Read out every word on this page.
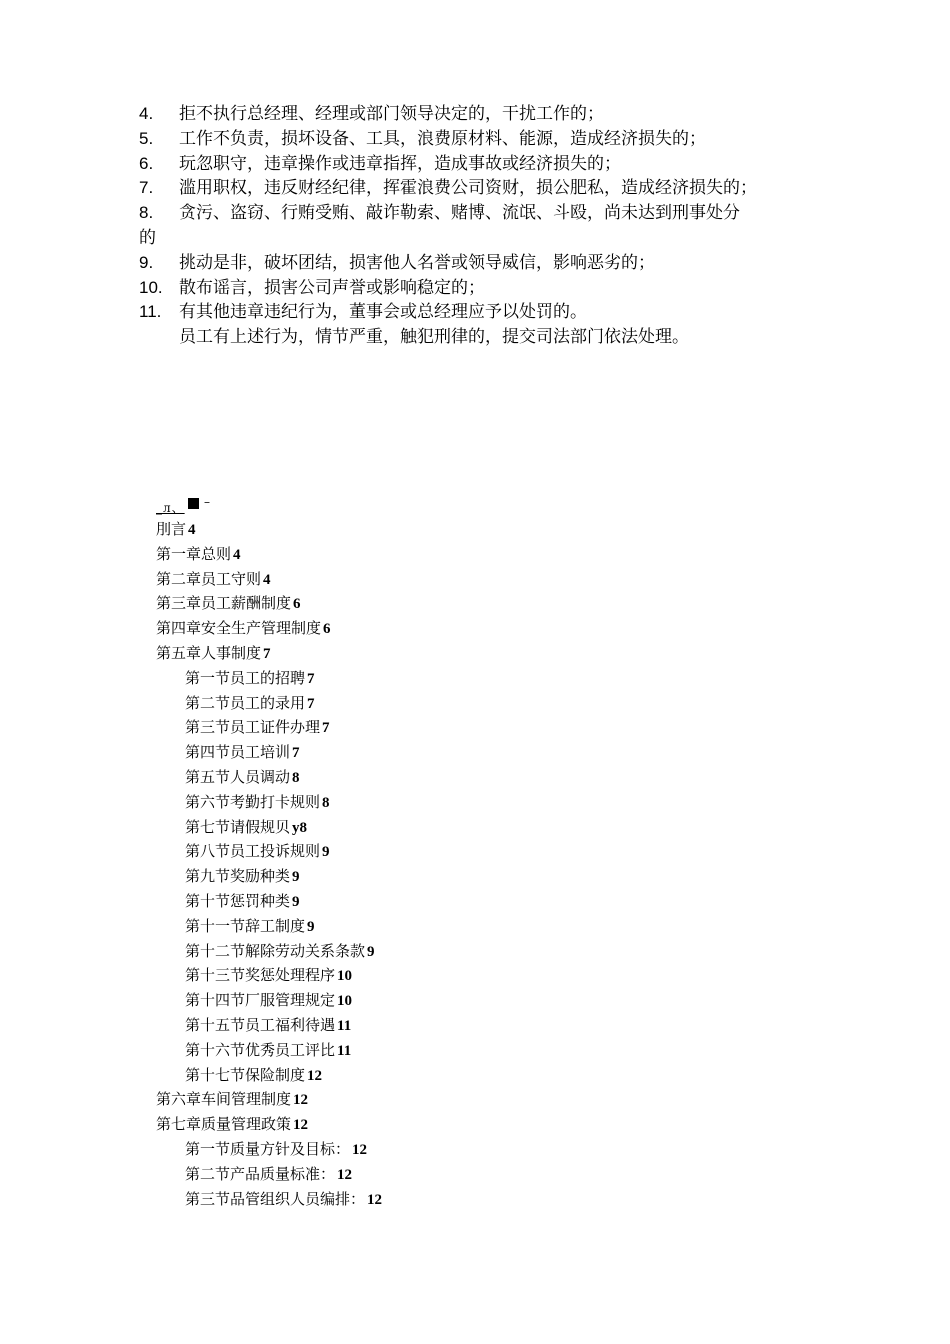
4. 拒不执行总经理、经理或部门领导决定的，干扰工作的；
5. 工作不负责，损坏设备、工具，浪费原材料、能源，造成经济损失的；
6. 玩忽职守，违章操作或违章指挥，造成事故或经济损失的；
7. 滥用职权，违反财经纪律，挥霍浪费公司资财，损公肥私，造成经济损失的；
8.	贪污、盗窃、行贿受贿、敲诈勒索、赌博、流氓、斗殴，尚未达到刑事处分
的
9. 挑动是非，破坏团结，损害他人名誉或领导威信，影响恶劣的；
10. 散布谣言，损害公司声誉或影响稳定的；
11. 有其他违章违纪行为，董事会或总经理应予以处罚的。
员工有上述行为，情节严重，触犯刑律的，提交司法部门依法处理。
_л、 –
刖言 4
第一章总则 4
第二章员工守则 4
第三章员工薪酬制度 6
第四章安全生产管理制度 6
第五章人事制度 7
第一节员工的招聘 7
第二节员工的录用 7
第三节员工证件办理 7
第四节员工培训 7
第五节人员调动 8
第六节考勤打卡规则 8
第七节请假规贝 y8
第八节员工投诉规则 9
第九节奖励种类 9
第十节惩罚种类 9
第十一节辞工制度 9
第十二节解除劳动关系条款 9
第十三节奖惩处理程序 10
第十四节厂服管理规定 10
第十五节员工福利待遇 11
第十六节优秀员工评比 11
第十七节保险制度 12
第六章车间管理制度 12
第七章质量管理政策 12
第一节质量方针及目标： 12
第二节产品质量标准： 12
第三节品管组织人员编排： 12
